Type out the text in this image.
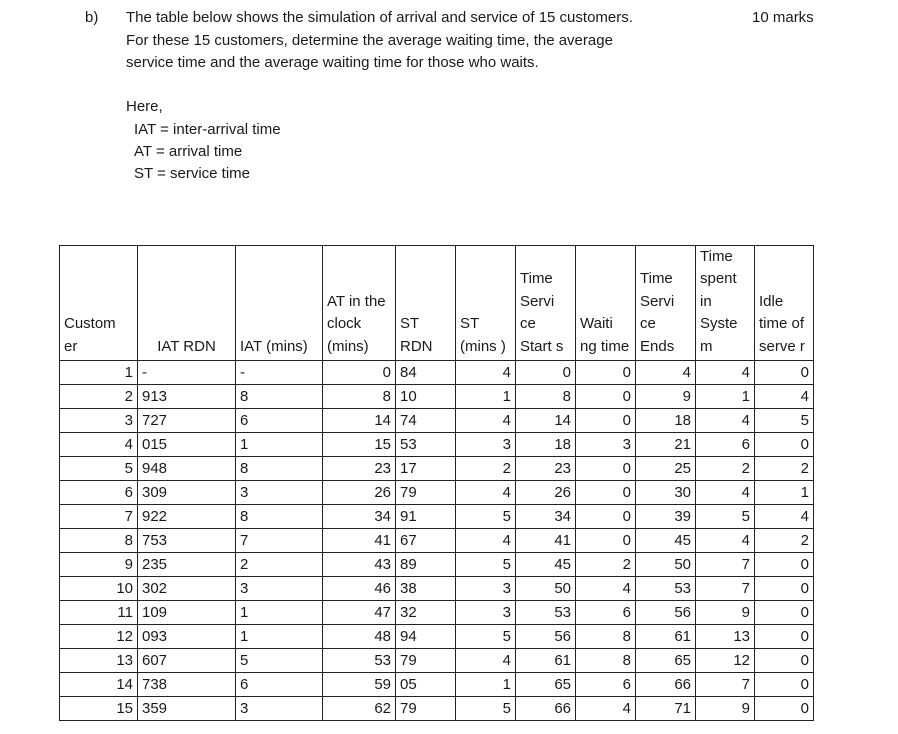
b) The table below shows the simulation of arrival and service of 15 customers.
For these 15 customers, determine the average waiting time, the average
service time and the average waiting time for those who waits.
10 marks
Here,
IAT = inter-arrival time
AT = arrival time
ST = service time
Custom er	IAT RDN	IAT (mins)	AT in the clock (mins)	ST RDN	ST (mins )	Time Servi ce Start s	Waiti ng time	Time Servi ce Ends	Time spent in Syste m	Idle time of serve r
1	-	-	0	84	4	0	0	4	4	0
2	913	8	8	10	1	8	0	9	1	4
3	727	6	14	74	4	14	0	18	4	5
4	015	1	15	53	3	18	3	21	6	0
5	948	8	23	17	2	23	0	25	2	2
6	309	3	26	79	4	26	0	30	4	1
7	922	8	34	91	5	34	0	39	5	4
8	753	7	41	67	4	41	0	45	4	2
9	235	2	43	89	5	45	2	50	7	0
10	302	3	46	38	3	50	4	53	7	0
11	109	1	47	32	3	53	6	56	9	0
12	093	1	48	94	5	56	8	61	13	0
13	607	5	53	79	4	61	8	65	12	0
14	738	6	59	05	1	65	6	66	7	0
15	359	3	62	79	5	66	4	71	9	0
